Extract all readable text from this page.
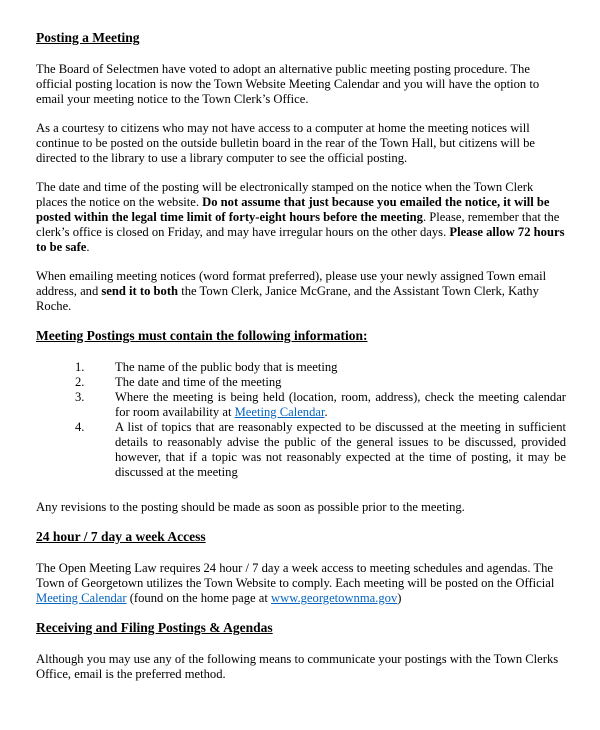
Posting a Meeting

The Board of Selectmen have voted to adopt an alternative public meeting posting procedure. The official posting location is now the Town Website Meeting Calendar and you will have the option to email your meeting notice to the Town Clerk’s Office.

As a courtesy to citizens who may not have access to a computer at home the meeting notices will continue to be posted on the outside bulletin board in the rear of the Town Hall, but citizens will be directed to the library to use a library computer to see the official posting.

The date and time of the posting will be electronically stamped on the notice when the Town Clerk places the notice on the website. Do not assume that just because you emailed the notice, it will be posted within the legal time limit of forty-eight hours before the meeting. Please, remember that the clerk’s office is closed on Friday, and may have irregular hours on the other days. Please allow 72 hours to be safe.

When emailing meeting notices (word format preferred), please use your newly assigned Town email address, and send it to both the Town Clerk, Janice McGrane, and the Assistant Town Clerk, Kathy Roche.

Meeting Postings must contain the following information:
1.	The name of the public body that is meeting
2.	The date and time of the meeting
3.	Where the meeting is being held (location, room, address), check the meeting calendar for room availability at Meeting Calendar.
4.	A list of topics that are reasonably expected to be discussed at the meeting in sufficient details to reasonably advise the public of the general issues to be discussed, provided however, that if a topic was not reasonably expected at the time of posting, it may be discussed at the meeting

Any revisions to the posting should be made as soon as possible prior to the meeting.

24 hour / 7 day a week Access

The Open Meeting Law requires 24 hour / 7 day a week access to meeting schedules and agendas. The Town of Georgetown utilizes the Town Website to comply. Each meeting will be posted on the Official Meeting Calendar (found on the home page at www.georgetownma.gov)

Receiving and Filing Postings & Agendas

Although you may use any of the following means to communicate your postings with the Town Clerks Office, email is the preferred method.
